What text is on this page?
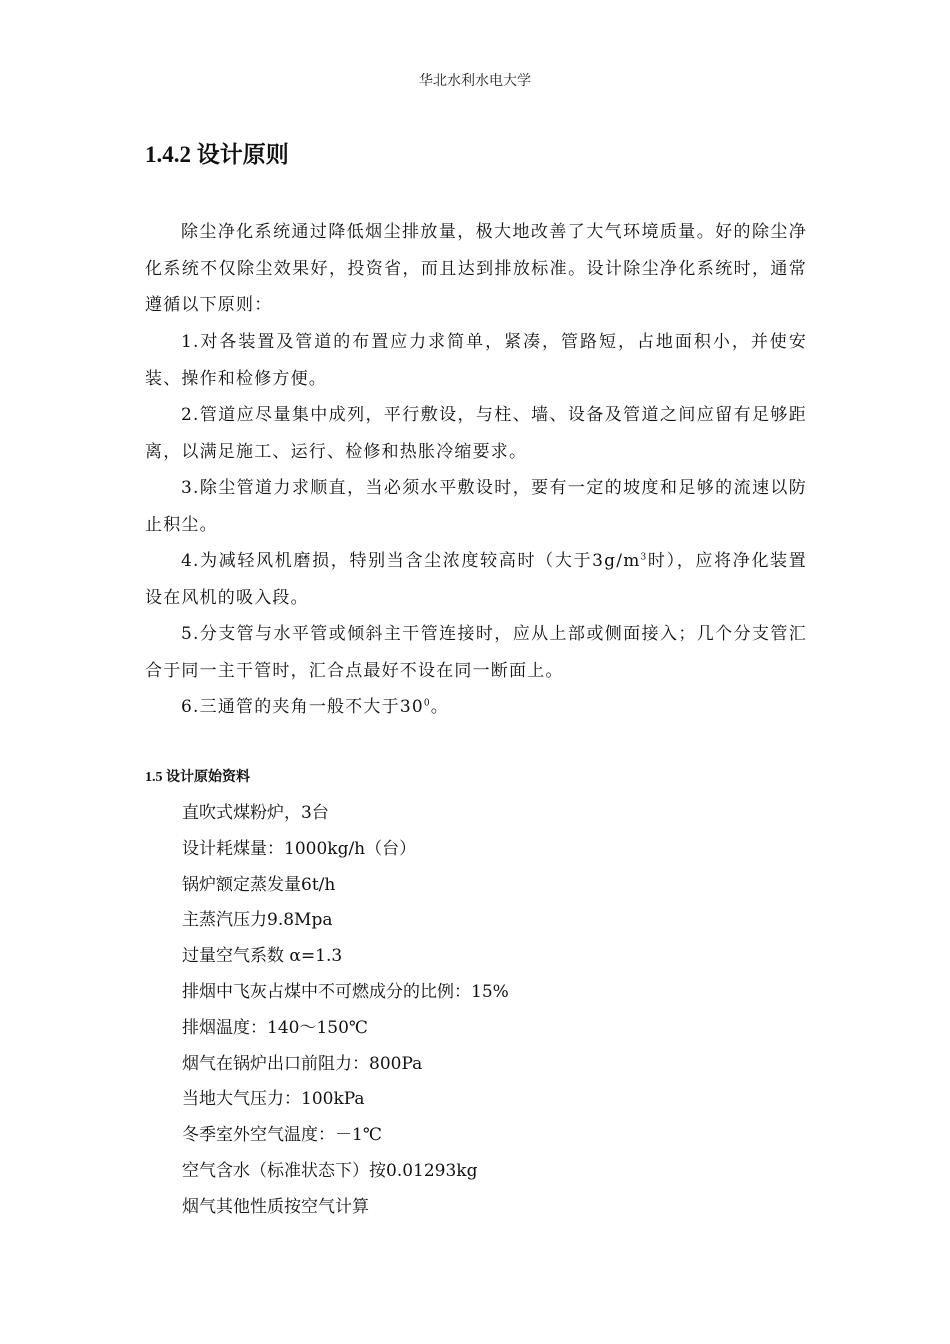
华北水利水电大学
1.4.2 设计原则

除尘净化系统通过降低烟尘排放量，极大地改善了大气环境质量。好的除尘净化系统不仅除尘效果好，投资省，而且达到排放标准。设计除尘净化系统时，通常遵循以下原则：

1.对各装置及管道的布置应力求简单，紧凑，管路短，占地面积小，并使安装、操作和检修方便。

2.管道应尽量集中成列，平行敷设，与柱、墙、设备及管道之间应留有足够距离，以满足施工、运行、检修和热胀冷缩要求。

3.除尘管道力求顺直，当必须水平敷设时，要有一定的坡度和足够的流速以防止积尘。

4.为减轻风机磨损，特别当含尘浓度较高时（大于$3g/m^3$时），应将净化装置设在风机的吸入段。

5.分支管与水平管或倾斜主干管连接时，应从上部或侧面接入；几个分支管汇合于同一主干管时，汇合点最好不设在同一断面上。

6.三通管的夹角一般不大于$30^0$。

1.5 设计原始资料

直吹式煤粉炉，3台

设计耗煤量：1000kg/h（台）

锅炉额定蒸发量6t/h

主蒸汽压力9.8Mpa

过量空气系数 α=1.3

排烟中飞灰占煤中不可燃成分的比例：15%

排烟温度：140～150℃

烟气在锅炉出口前阻力：800Pa

当地大气压力：100kPa

冬季室外空气温度：－1℃

空气含水（标准状态下）按0.01293kg

烟气其他性质按空气计算
